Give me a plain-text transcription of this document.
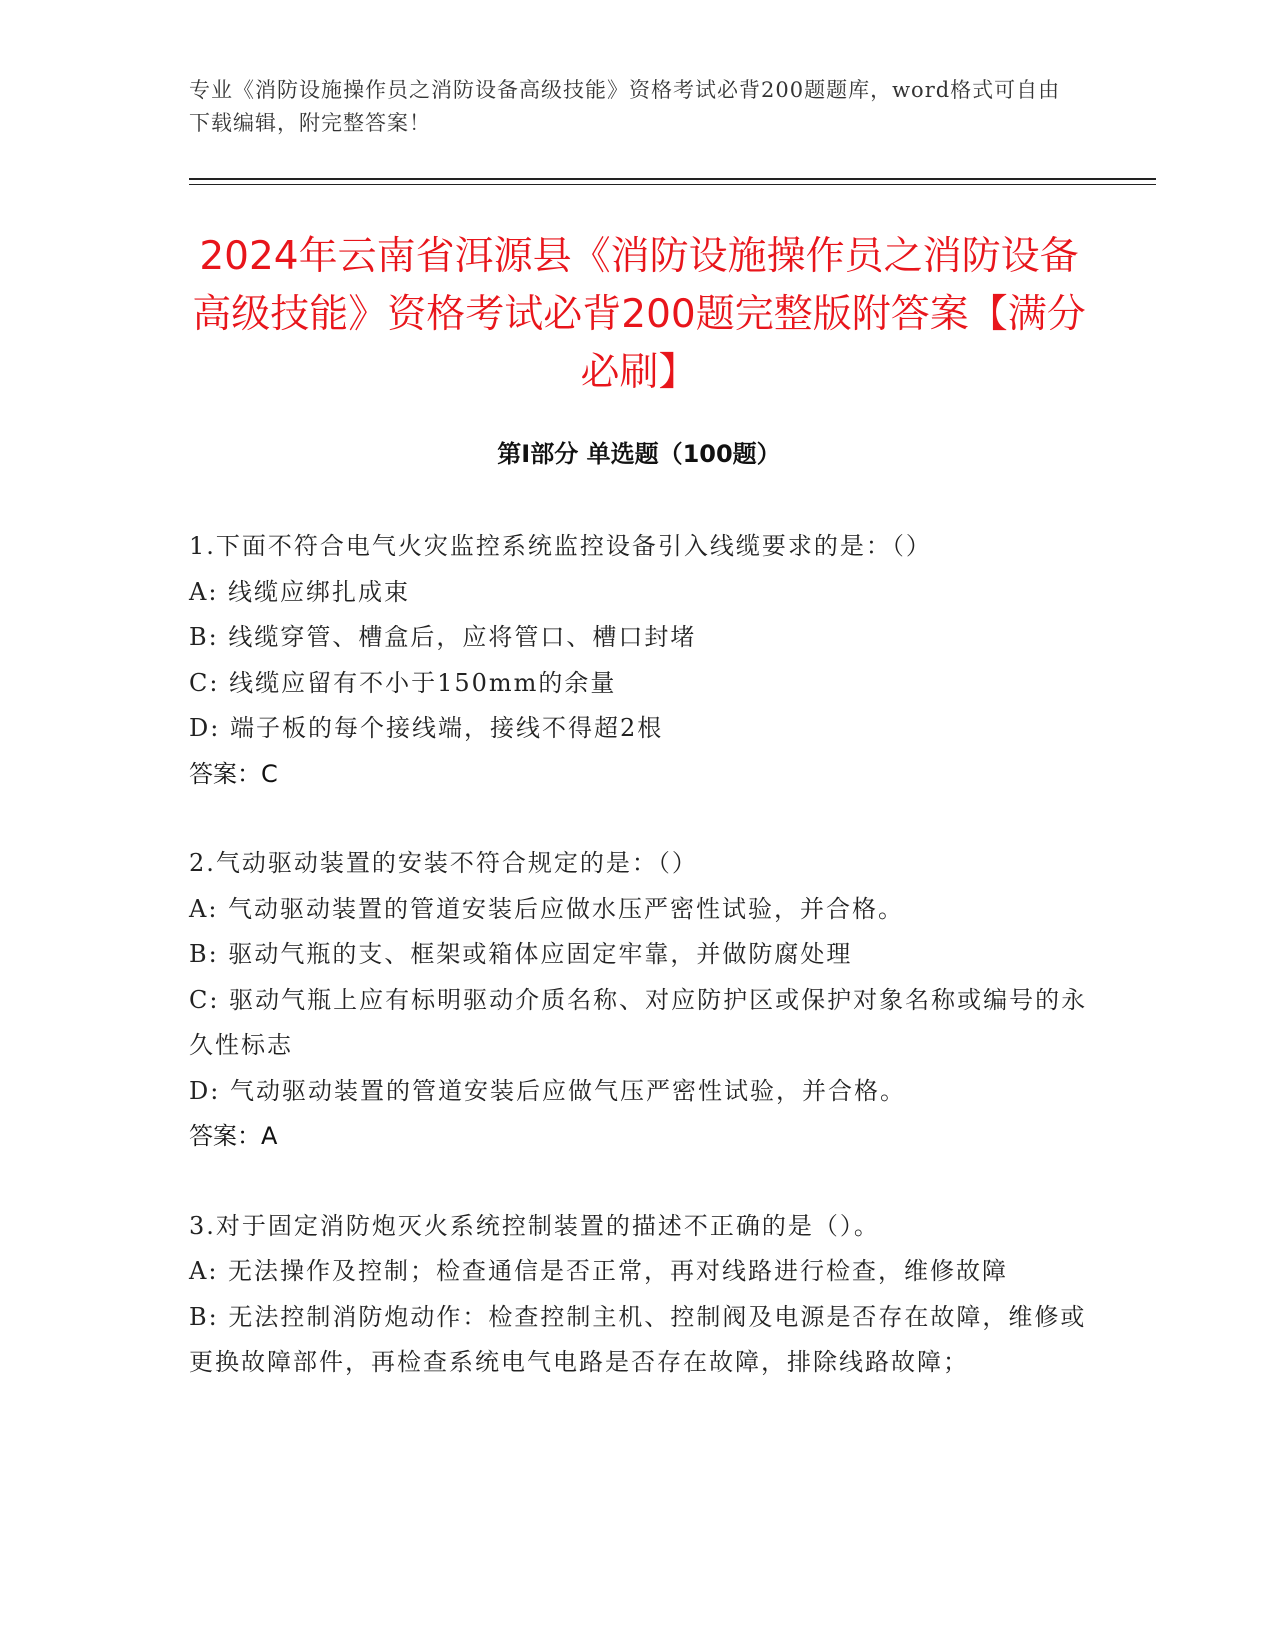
专业《消防设施操作员之消防设备高级技能》资格考试必背200题题库，word格式可自由下载编辑，附完整答案！
2024年云南省洱源县《消防设施操作员之消防设备高级技能》资格考试必背200题完整版附答案【满分必刷】
第I部分 单选题（100题）
1.下面不符合电气火灾监控系统监控设备引入线缆要求的是：（）
A: 线缆应绑扎成束
B: 线缆穿管、槽盒后，应将管口、槽口封堵
C: 线缆应留有不小于150mm的余量
D: 端子板的每个接线端，接线不得超2根
答案：C
2.气动驱动装置的安装不符合规定的是：（）
A: 气动驱动装置的管道安装后应做水压严密性试验，并合格。
B: 驱动气瓶的支、框架或箱体应固定牢靠，并做防腐处理
C: 驱动气瓶上应有标明驱动介质名称、对应防护区或保护对象名称或编号的永久性标志
D: 气动驱动装置的管道安装后应做气压严密性试验，并合格。
答案：A
3.对于固定消防炮灭火系统控制装置的描述不正确的是（）。
A: 无法操作及控制；检查通信是否正常，再对线路进行检查，维修故障
B: 无法控制消防炮动作：检查控制主机、控制阀及电源是否存在故障，维修或更换故障部件，再检查系统电气电路是否存在故障，排除线路故障；
